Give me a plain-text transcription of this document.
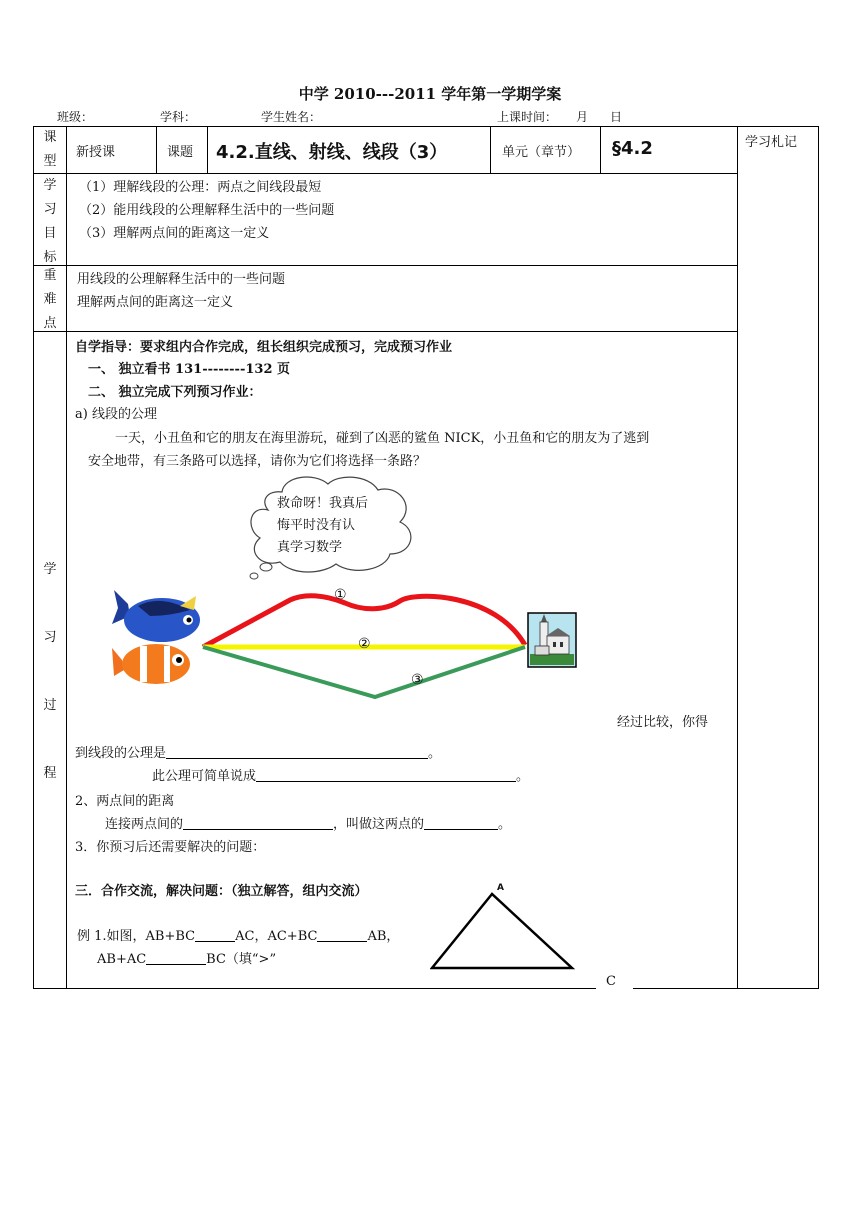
中学 2010---2011 学年第一学期学案
班级：	学科：	学生姓名：	上课时间： 月 日
课
型
新授课	课题 4.2.直线、射线、线段（3）	单元（章节） §4.2	学习札记
学
习
目
标
（1）理解线段的公理：两点之间线段最短
（2）能用线段的公理解释生活中的一些问题
（3）理解两点间的距离这一定义
重
难
点
用线段的公理解释生活中的一些问题
理解两点间的距离这一定义
学
习
过
程
自学指导：要求组内合作完成，组长组织完成预习，完成预习作业
一、 独立看书 131--------132 页
二、 独立完成下列预习作业：
a) 线段的公理
一天，小丑鱼和它的朋友在海里游玩，碰到了凶恶的鲨鱼 NICK，小丑鱼和它的朋友为了逃到
安全地带，有三条路可以选择，请你为它们将选择一条路？
救命呀！我真后
悔平时没有认
真学习数学
①
②
③
经过比较，你得
到线段的公理是	。
此公理可简单说成	。
2、两点间的距离
连接两点间的	，叫做这两点的	。
3．你预习后还需要解决的问题：
三．合作交流，解决问题：（独立解答，组内交流）	A
例 1.如图，AB+BC	AC，AC+BC	AB，
AB+AC	BC（填“>”
C
